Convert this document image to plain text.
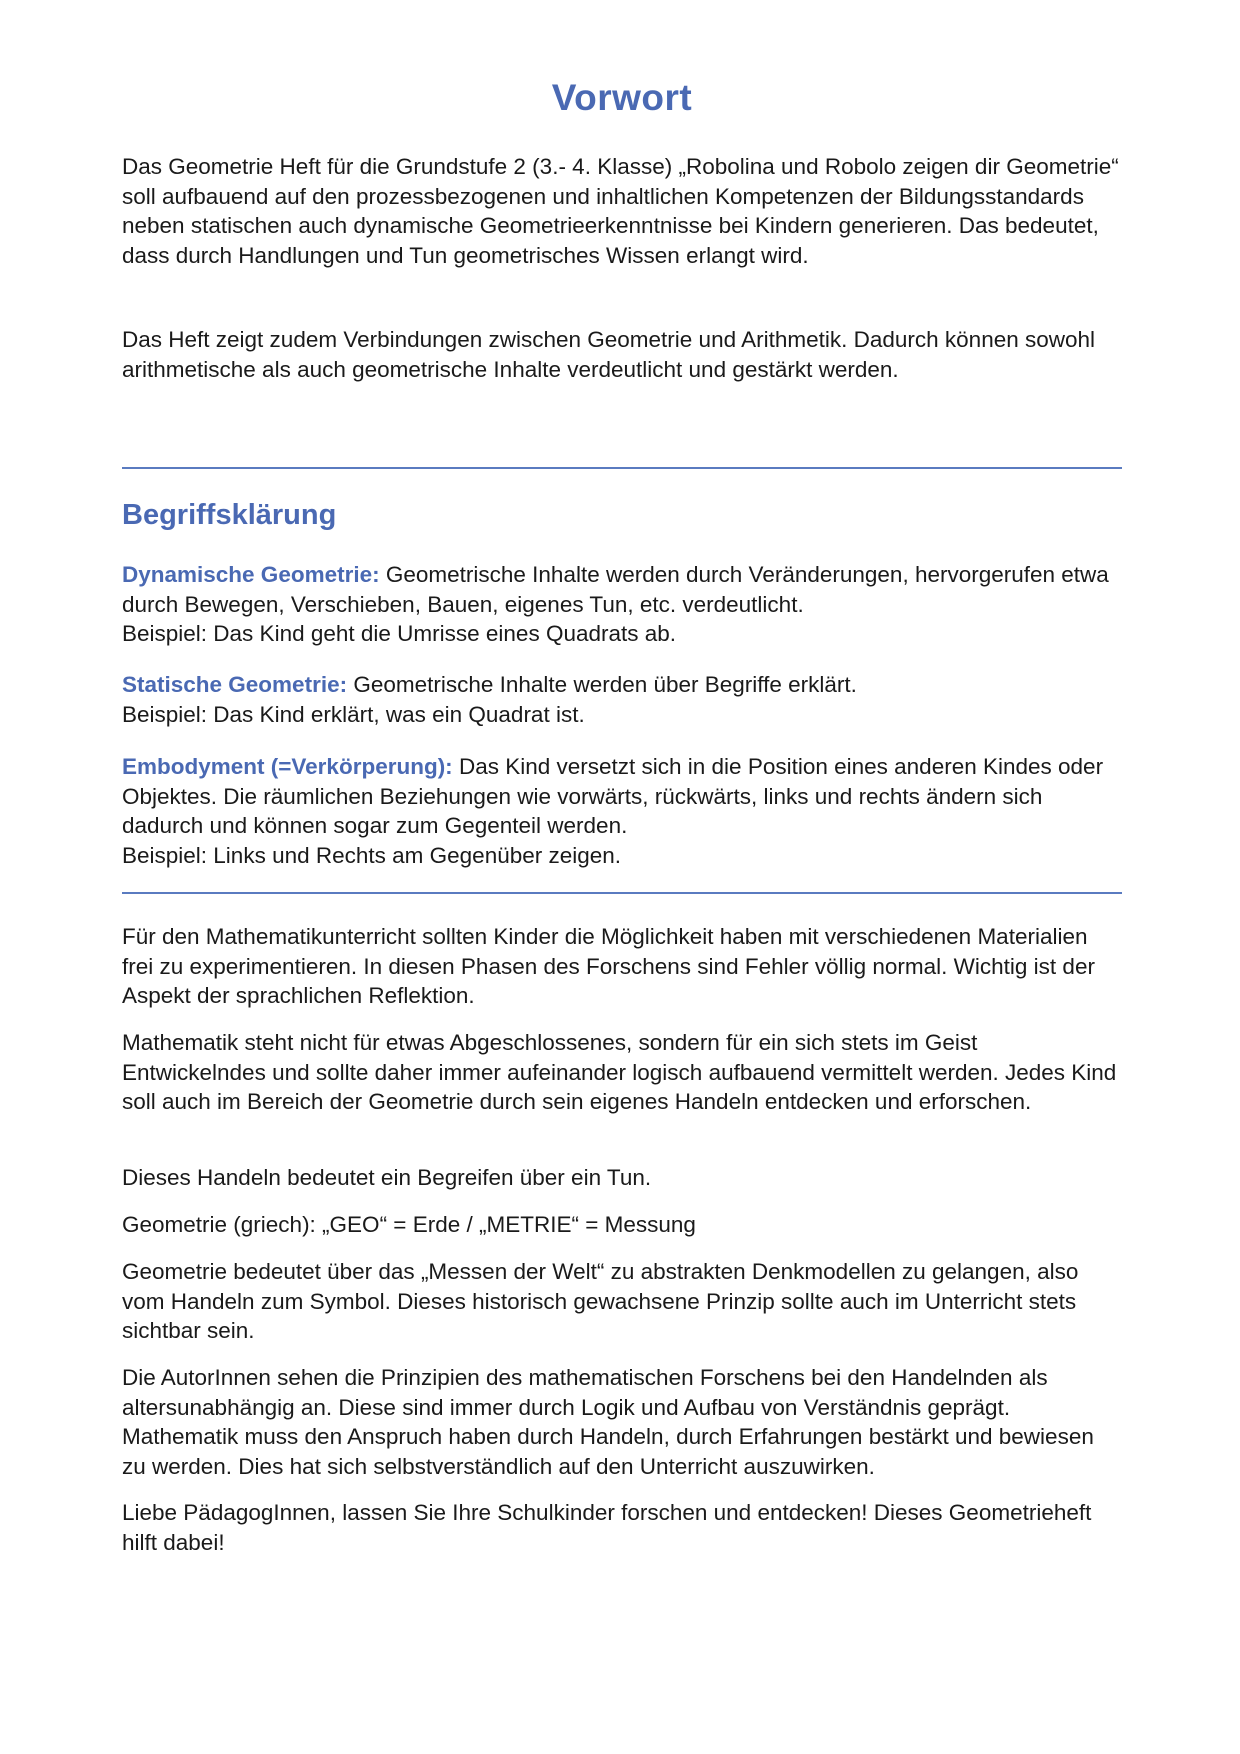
Vorwort

Das Geometrie Heft für die Grundstufe 2 (3.- 4. Klasse) „Robolina und Robolo zeigen dir Geometrie“ soll aufbauend auf den prozessbezogenen und inhaltlichen Kompetenzen der Bildungsstandards neben statischen auch dynamische Geometrieerkenntnisse bei Kindern generieren. Das bedeutet, dass durch Handlungen und Tun geometrisches Wissen erlangt wird.

Das Heft zeigt zudem Verbindungen zwischen Geometrie und Arithmetik. Dadurch können sowohl arithmetische als auch geometrische Inhalte verdeutlicht und gestärkt werden.

Begriffsklärung

Dynamische Geometrie: Geometrische Inhalte werden durch Veränderungen, hervorgerufen etwa durch Bewegen, Verschieben, Bauen, eigenes Tun, etc. verdeutlicht.

Beispiel: Das Kind geht die Umrisse eines Quadrats ab.

Statische Geometrie: Geometrische Inhalte werden über Begriffe erklärt.

Beispiel: Das Kind erklärt, was ein Quadrat ist.

Embodyment (=Verkörperung): Das Kind versetzt sich in die Position eines anderen Kindes oder Objektes. Die räumlichen Beziehungen wie vorwärts, rückwärts, links und rechts ändern sich dadurch und können sogar zum Gegenteil werden.

Beispiel: Links und Rechts am Gegenüber zeigen.

Für den Mathematikunterricht sollten Kinder die Möglichkeit haben mit verschiedenen Materialien frei zu experimentieren. In diesen Phasen des Forschens sind Fehler völlig normal. Wichtig ist der Aspekt der sprachlichen Reflektion.

Mathematik steht nicht für etwas Abgeschlossenes, sondern für ein sich stets im Geist Entwickelndes und sollte daher immer aufeinander logisch aufbauend vermittelt werden. Jedes Kind soll auch im Bereich der Geometrie durch sein eigenes Handeln entdecken und erforschen.

Dieses Handeln bedeutet ein Begreifen über ein Tun.

Geometrie (griech): „GEO“ = Erde / „METRIE“ = Messung

Geometrie bedeutet über das „Messen der Welt“ zu abstrakten Denkmodellen zu gelangen, also vom Handeln zum Symbol. Dieses historisch gewachsene Prinzip sollte auch im Unterricht stets sichtbar sein.

Die AutorInnen sehen die Prinzipien des mathematischen Forschens bei den Handelnden als altersunabhängig an. Diese sind immer durch Logik und Aufbau von Verständnis geprägt. Mathematik muss den Anspruch haben durch Handeln, durch Erfahrungen bestärkt und bewiesen zu werden. Dies hat sich selbstverständlich auf den Unterricht auszuwirken.

Liebe PädagogInnen, lassen Sie Ihre Schulkinder forschen und entdecken! Dieses Geometrieheft hilft dabei!
